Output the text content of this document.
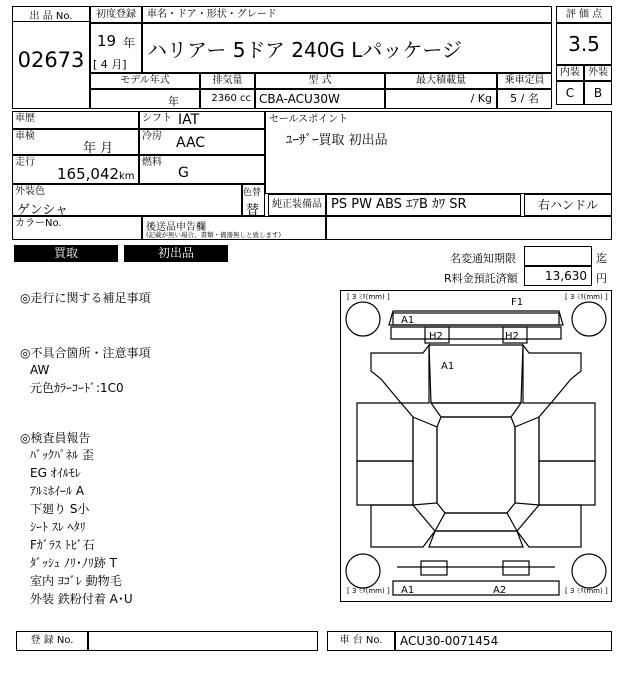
出 品 No.
02673
初度登録	車名・ドア・形状・グレード
19 年
[ 4 月]
ハリアー 5ドア 240G Lパッケージ
評 価 点
3.5
内装 外装
C	B
モデル年式	排気量	型 式	最大積載量	乗車定員
年	2360 cc CBA-ACU30W	/ Kg	5 / 名
車歴
車検
年 月
走行
165,042 km
シフト IAT
冷房 AAC
燃料
G
セールスポイント
ﾕｰｻﾞｰ買取 初出品
外装色
ゲンシャ
色替
替	純正装備品 PS PW ABS ｴｱB ｶﾜ SR	右ハンドル
カラーNo.	後送品申告欄
(記載が無い場合、書類・備器無しと致します)
買取	初出品	名変通知期限	迄
R料金預託済額	13,630 円
◎走行に関する補足事項
◎不具合箇所・注意事項
AW
元色ｶﾗｰｺｰﾄﾞ:1C0
◎検査員報告
ﾊﾞｯｸﾊﾟﾈﾙ 歪
EG ｵｲﾙﾓﾚ
ｱﾙﾐﾎｲｰﾙ A
下廻り S小
ｼｰﾄ ｽﾚ ﾍﾀﾘ
Fｶﾞﾗｽ ﾄﾋﾞ石
ﾀﾞｯｼｭ ﾉﾘ･ﾉﾘ跡 T
室内 ﾖｺﾞﾚ 動物毛
外装 鉄粉付着 A･U
[ 3 ﾐﾘ(mm) ]	[ 3 ﾐﾘ(mm) ]
[ 3 ﾐﾘ(mm) ]	[ 3 ﾐﾘ(mm) ]
F1
A1
H2	H2
A1
A1	A2
登 録 No.	車 台 No.	ACU30-0071454
